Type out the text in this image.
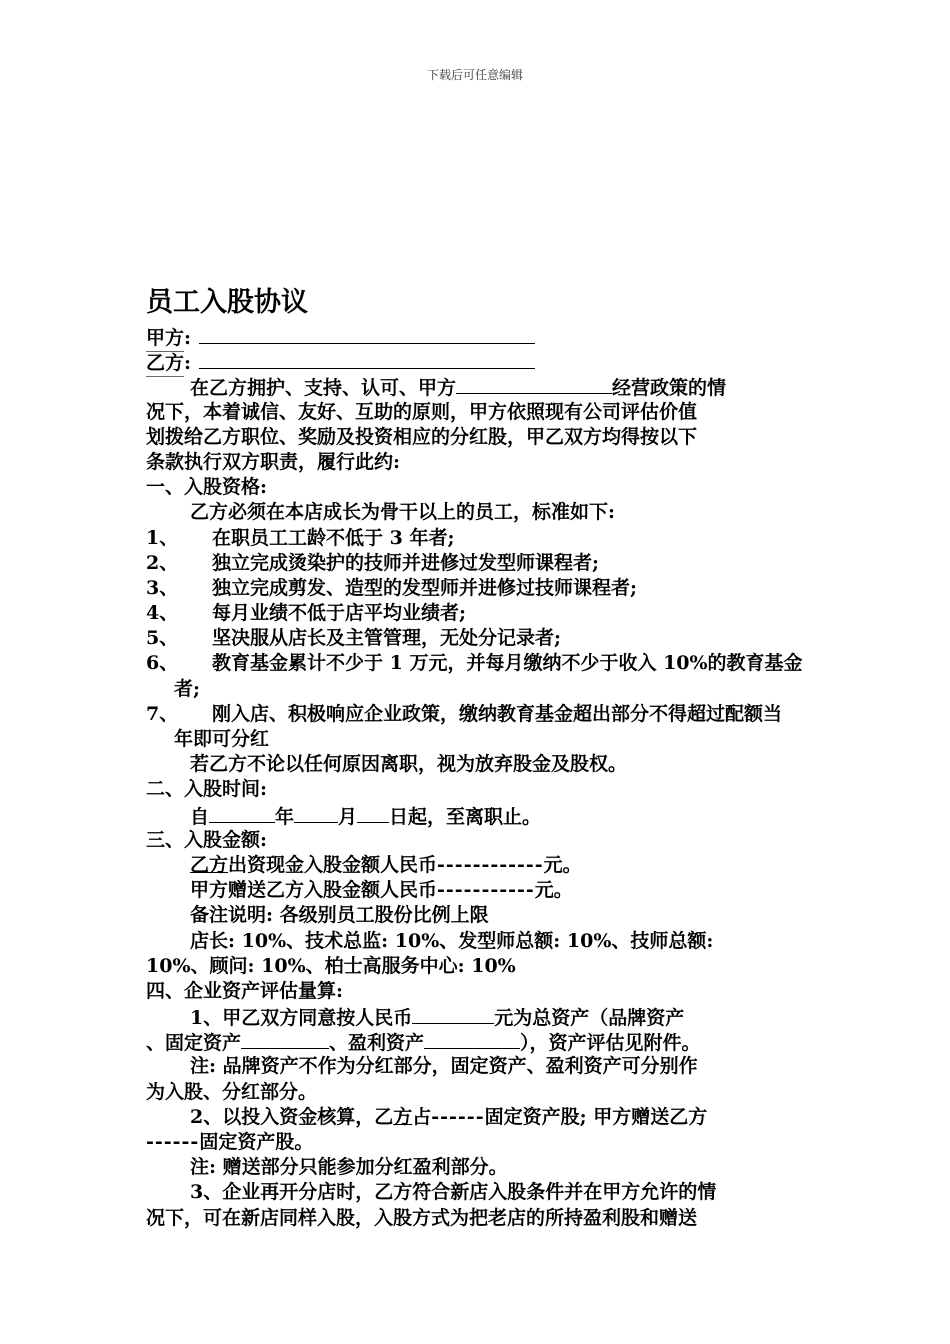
下载后可任意编辑
员工入股协议
甲方:
乙方:
在乙方拥护、支持、认可、甲方	经营政策的情
况下，本着诚信、友好、互助的原则，甲方依照现有公司评估价值
划拨给乙方职位、奖励及投资相应的分红股，甲乙双方均得按以下
条款执行双方职责，履行此约:
一、入股资格:
乙方必须在本店成长为骨干以上的员工，标准如下:
1、 在职员工工龄不低于 3 年者;
2、 独立完成烫染护的技师并进修过发型师课程者;
3、 独立完成剪发、造型的发型师并进修过技师课程者;
4、 每月业绩不低于店平均业绩者;
5、 坚决服从店长及主管管理，无处分记录者;
6、 教育基金累计不少于 1 万元，并每月缴纳不少于收入 10%的教育基金
者;
7、 刚入店、积极响应企业政策，缴纳教育基金超出部分不得超过配额当
年即可分红
若乙方不论以任何原因离职，视为放弃股金及股权。
二、入股时间:
自	年 月 日起，至离职止。
三、入股金额:
乙方出资现金入股金额人民币------------元。
甲方赠送乙方入股金额人民币-----------元。
备注说明: 各级别员工股份比例上限
店长: 10%、技术总监: 10%、发型师总额: 10%、技师总额:
10%、顾问: 10%、柏士高服务中心: 10%
四、企业资产评估量算:
1、甲乙双方同意按人民币	元为总资产（品牌资产
、固定资产	、盈利资产	），资产评估见附件。
注: 品牌资产不作为分红部分，固定资产、盈利资产可分别作
为入股、分红部分。
2、以投入资金核算，乙方占------固定资产股; 甲方赠送乙方
------固定资产股。
注: 赠送部分只能参加分红盈利部分。
3、企业再开分店时，乙方符合新店入股条件并在甲方允许的情
况下，可在新店同样入股，入股方式为把老店的所持盈利股和赠送
